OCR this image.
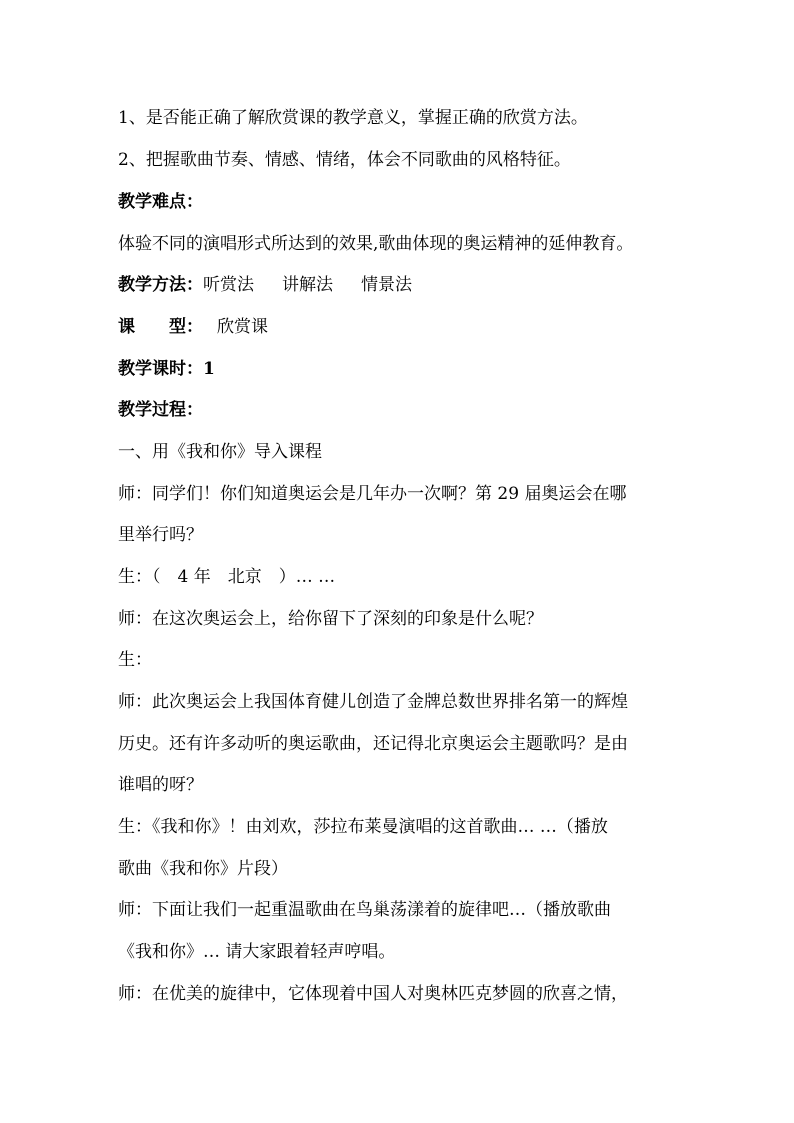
1、是否能正确了解欣赏课的教学意义，掌握正确的欣赏方法。
2、把握歌曲节奏、情感、情绪，体会不同歌曲的风格特征。
教学难点：
体验不同的演唱形式所达到的效果,歌曲体现的奥运精神的延伸教育。
教学方法：听赏法 讲解法 情景法
课　　型： 欣赏课
教学课时：1
教学过程：
一、用《我和你》导入课程
师：同学们！你们知道奥运会是几年办一次啊？第 29 届奥运会在哪
里举行吗？
生：（　4 年　北京　）… …
师：在这次奥运会上，给你留下了深刻的印象是什么呢？
生：
师：此次奥运会上我国体育健儿创造了金牌总数世界排名第一的辉煌
历史。还有许多动听的奥运歌曲，还记得北京奥运会主题歌吗？是由
谁唱的呀？
生：《我和你》！由刘欢，莎拉布莱曼演唱的这首歌曲… …（播放
歌曲《我和你》片段）
师：下面让我们一起重温歌曲在鸟巢荡漾着的旋律吧…（播放歌曲
《我和你》… 请大家跟着轻声哼唱。
师：在优美的旋律中，它体现着中国人对奥林匹克梦圆的欣喜之情，
